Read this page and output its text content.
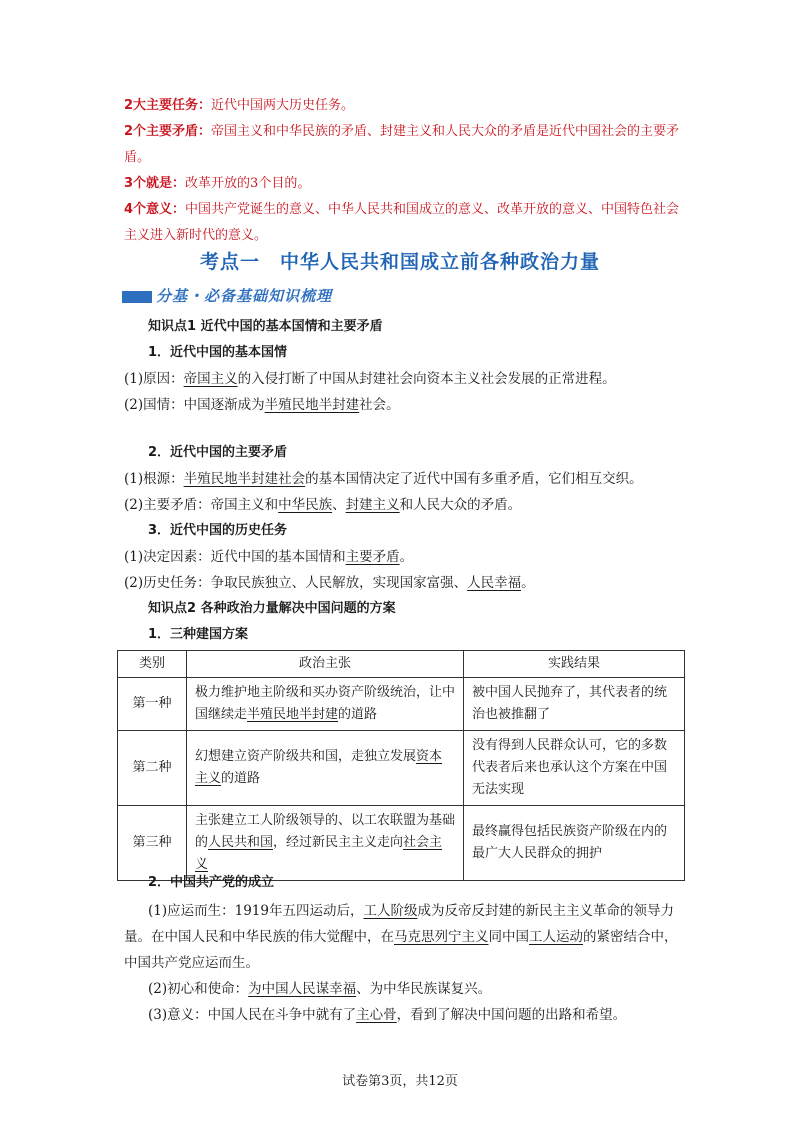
2大主要任务：近代中国两大历史任务。
2个主要矛盾：帝国主义和中华民族的矛盾、封建主义和人民大众的矛盾是近代中国社会的主要矛盾。
3个就是：改革开放的3个目的。
4个意义：中国共产党诞生的意义、中华人民共和国成立的意义、改革开放的意义、中国特色社会主义进入新时代的意义。
考点一　中华人民共和国成立前各种政治力量
分基・必备基础知识梳理
知识点1 近代中国的基本国情和主要矛盾
1．近代中国的基本国情
(1)原因：帝国主义的入侵打断了中国从封建社会向资本主义社会发展的正常进程。
(2)国情：中国逐渐成为半殖民地半封建社会。
2．近代中国的主要矛盾
(1)根源：半殖民地半封建社会的基本国情决定了近代中国有多重矛盾，它们相互交织。
(2)主要矛盾：帝国主义和中华民族、封建主义和人民大众的矛盾。
3．近代中国的历史任务
(1)决定因素：近代中国的基本国情和主要矛盾。
(2)历史任务：争取民族独立、人民解放，实现国家富强、人民幸福。
知识点2 各种政治力量解决中国问题的方案
1．三种建国方案
类别	政治主张	实践结果
第一种	极力维护地主阶级和买办资产阶级统治，让中国继续走半殖民地半封建的道路	被中国人民抛弃了，其代表者的统治也被推翻了
第二种	幻想建立资产阶级共和国，走独立发展资本主义的道路	没有得到人民群众认可，它的多数代表者后来也承认这个方案在中国无法实现
第三种	主张建立工人阶级领导的、以工农联盟为基础的人民共和国，经过新民主主义走向社会主义	最终赢得包括民族资产阶级在内的最广大人民群众的拥护
2．中国共产党的成立
(1)应运而生：1919年五四运动后，工人阶级成为反帝反封建的新民主主义革命的领导力量。在中国人民和中华民族的伟大觉醒中，在马克思列宁主义同中国工人运动的紧密结合中，中国共产党应运而生。
(2)初心和使命：为中国人民谋幸福、为中华民族谋复兴。
(3)意义：中国人民在斗争中就有了主心骨，看到了解决中国问题的出路和希望。
试卷第3页，共12页
